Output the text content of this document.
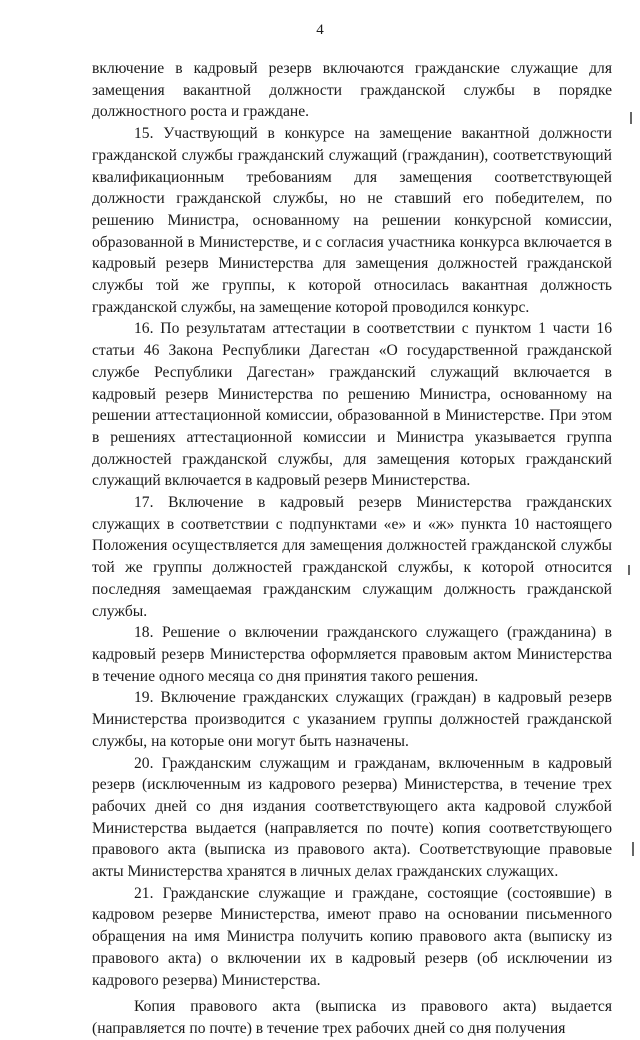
4

включение в кадровый резерв включаются гражданские служащие для замещения вакантной должности гражданской службы в порядке должностного роста и граждане.

15. Участвующий в конкурсе на замещение вакантной должности гражданской службы гражданский служащий (гражданин), соответствующий квалификационным требованиям для замещения соответствующей должности гражданской службы, но не ставший его победителем, по решению Министра, основанному на решении конкурсной комиссии, образованной в Министерстве, и с согласия участника конкурса включается в кадровый резерв Министерства для замещения должностей гражданской службы той же группы, к которой относилась вакантная должность гражданской службы, на замещение которой проводился конкурс.

16. По результатам аттестации в соответствии с пунктом 1 части 16 статьи 46 Закона Республики Дагестан «О государственной гражданской службе Республики Дагестан» гражданский служащий включается в кадровый резерв Министерства по решению Министра, основанному на решении аттестационной комиссии, образованной в Министерстве. При этом в решениях аттестационной комиссии и Министра указывается группа должностей гражданской службы, для замещения которых гражданский служащий включается в кадровый резерв Министерства.

17. Включение в кадровый резерв Министерства гражданских служащих в соответствии с подпунктами «е» и «ж» пункта 10 настоящего Положения осуществляется для замещения должностей гражданской службы той же группы должностей гражданской службы, к которой относится последняя замещаемая гражданским служащим должность гражданской службы.

18. Решение о включении гражданского служащего (гражданина) в кадровый резерв Министерства оформляется правовым актом Министерства в течение одного месяца со дня принятия такого решения.

19. Включение гражданских служащих (граждан) в кадровый резерв Министерства производится с указанием группы должностей гражданской службы, на которые они могут быть назначены.

20. Гражданским служащим и гражданам, включенным в кадровый резерв (исключенным из кадрового резерва) Министерства, в течение трех рабочих дней со дня издания соответствующего акта кадровой службой Министерства выдается (направляется по почте) копия соответствующего правового акта (выписка из правового акта). Соответствующие правовые акты Министерства хранятся в личных делах гражданских служащих.

21. Гражданские служащие и граждане, состоящие (состоявшие) в кадровом резерве Министерства, имеют право на основании письменного обращения на имя Министра получить копию правового акта (выписку из правового акта) о включении их в кадровый резерв (об исключении из кадрового резерва) Министерства.

Копия правового акта (выписка из правового акта) выдается (направляется по почте) в течение трех рабочих дней со дня получения
